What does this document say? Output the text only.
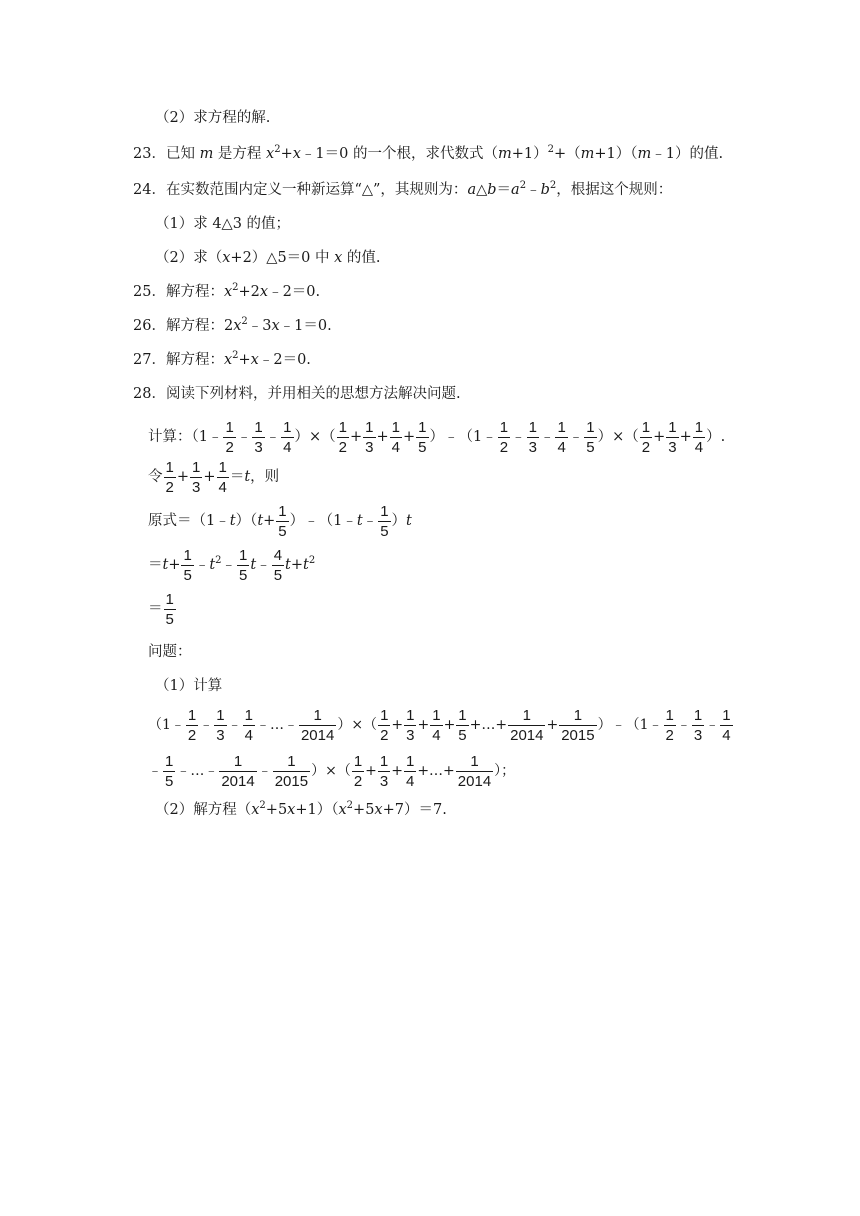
（2）求方程的解.
23．已知 m 是方程 $x^2+x﹣1=0$ 的一个根，求代数式$(m+1)^2+(m+1)(m﹣1)$的值.
24．在实数范围内定义一种新运算“△”，其规则为：$a\triangle b=a^2﹣b^2$，根据这个规则：
（1）求 4△3 的值；
（2）求（x+2）△5＝0 中 x 的值.
25．解方程：$x^2+2x﹣2=0$.
26．解方程：$2x^2﹣3x﹣1=0$.
27．解方程：$x^2+x﹣2=0$.
28．阅读下列材料，并用相关的思想方法解决问题.
计算：（1﹣ $\frac{1}{2}$ ﹣ $\frac{1}{3}$ ﹣ $\frac{1}{4}$ ）×（ $\frac{1}{2} + \frac{1}{3} + \frac{1}{4} + \frac{1}{5}$ ）﹣（1﹣ $\frac{1}{2}$ ﹣ $\frac{1}{3}$ ﹣ $\frac{1}{4}$ ﹣ $\frac{1}{5}$ ）×（ $\frac{1}{2} + \frac{1}{3} + \frac{1}{4}$ ）.
令 $\frac{1}{2} + \frac{1}{3} + \frac{1}{4} =t$，则
原式＝（1﹣t）（t+ $\frac{1}{5}$ ）﹣（1﹣t﹣ $\frac{1}{5} )t$
$=t+ \frac{1}{5}$ $﹣t^2﹣ \frac{1}{5}$ t﹣ $\frac{4}{5} t+t^2$
＝ $\frac{1}{5}$
问题：
（1）计算
（1﹣ $\frac{1}{2}$ ﹣ $\frac{1}{3}$ ﹣ $\frac{1}{4}$ ﹣…﹣ $\frac{1}{2014}$ ）×（ $\frac{1}{2} + \frac{1}{3} + \frac{1}{4} + \frac{1}{5}$ +…+ $\frac{1}{2014} + \frac{1}{2015}$ ）﹣（1﹣ $\frac{1}{2}$ ﹣ $\frac{1}{3}$ ﹣ $\frac{1}{4}$
﹣ $\frac{1}{5}$ ﹣…﹣ $\frac{1}{2014}$ ﹣ $\frac{1}{2015}$ ）×（ $\frac{1}{2} + \frac{1}{3} + \frac{1}{4}$ +…+ $\frac{1}{2014}$ ）；
（2）解方程$(x^2+5x+1)(x^2+5x+7)=7$.
